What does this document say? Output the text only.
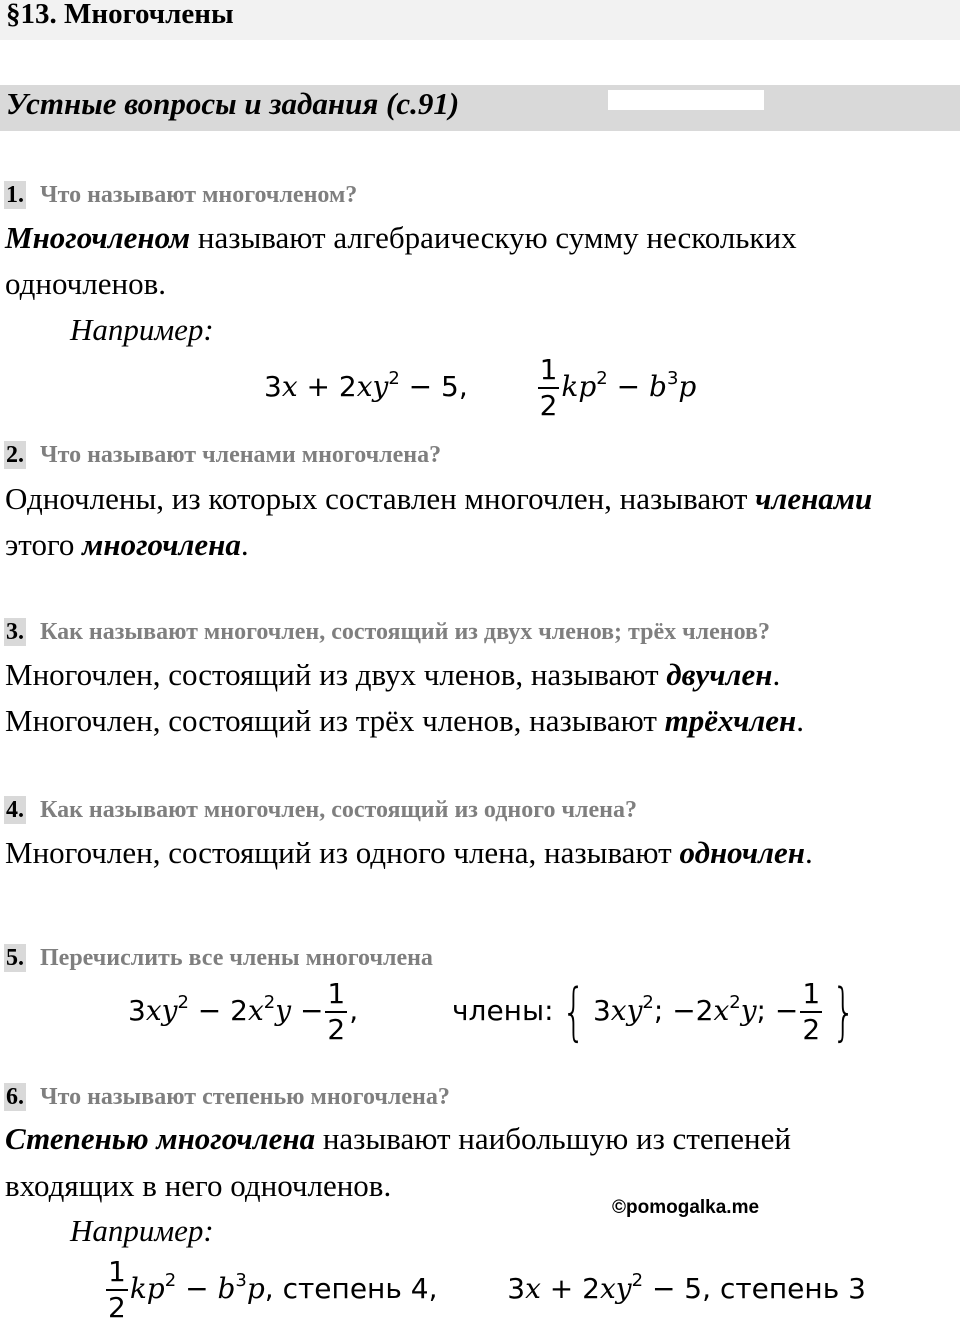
§13. Многочлены
Устные вопросы и задания (с.91)
1. Что называют многочленом?
Многочленом называют алгебраическую сумму нескольких
одночленов.
Например:
$3x + 2xy^2 - 5$, $\frac{1}{2} kp^2 - b^3p$
2. Что называют членами многочлена?
Одночлены, из которых составлен многочлен, называют членами
этого многочлена.
3. Как называют многочлен, состоящий из двух членов; трёх членов?
Многочлен, состоящий из двух членов, называют двучлен.
Многочлен, состоящий из трёх членов, называют трёхчлен.
4. Как называют многочлен, состоящий из одного члена?
Многочлен, состоящий из одного члена, называют одночлен.
5. Перечислить все члены многочлена
$3xy^2 - 2x^2y - \frac{1}{2}$ ,	члены: { $3xy^2$; $-2x^2y$; − $\frac{1}{2}$ }
6. Что называют степенью многочлена?
Степенью многочлена называют наибольшую из степеней
входящих в него одночленов.
©pomogalka.me
Например:
$\frac{1}{2} kp^2 - b^3p$, степень 4, $3x + 2xy^2 - 5$, степень 3
